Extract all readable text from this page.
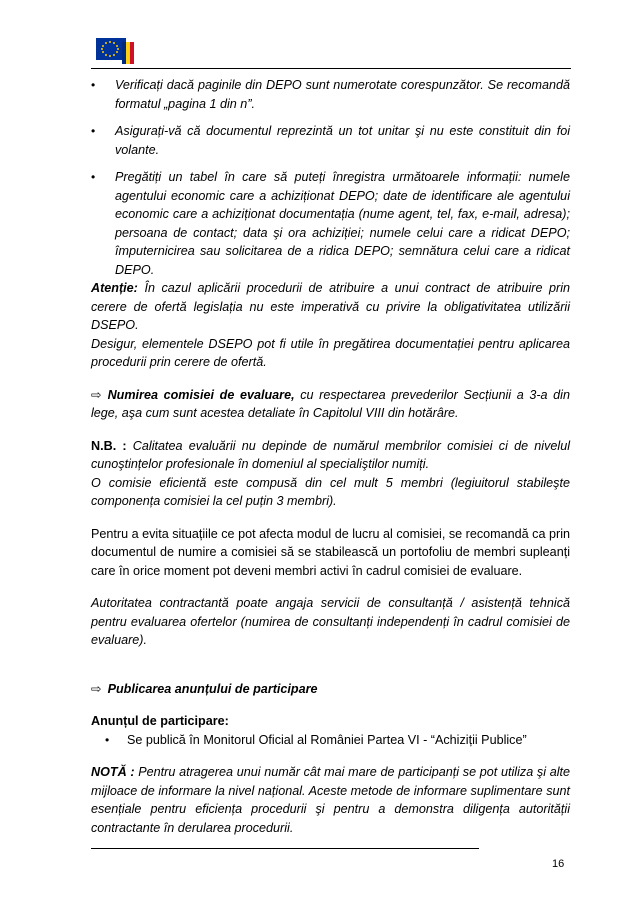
•	Verificați dacă paginile din DEPO sunt numerotate corespunzător. Se recomandă formatul „pagina 1 din n”.
•	Asigurați-vă că documentul reprezintă un tot unitar şi nu este constituit din foi volante.
•	Pregătiți un tabel în care să puteți înregistra următoarele informații: numele agentului economic care a achiziționat DEPO; date de identificare ale agentului economic care a achiziționat documentația (nume agent, tel, fax, e-mail, adresa); persoana de contact; data şi ora achiziției; numele celui care a ridicat DEPO; împuternicirea sau solicitarea de a ridica DEPO; semnătura celui care a ridicat DEPO.

Atenție: În cazul aplicării procedurii de atribuire a unui contract de atribuire prin cerere de ofertă legislația nu este imperativă cu privire la obligativitatea utilizării DSEPO.

Desigur, elementele DSEPO pot fi utile în pregătirea documentației pentru aplicarea procedurii prin cerere de ofertă.

⇨ Numirea comisiei de evaluare, cu respectarea prevederilor Secțiunii a 3-a din lege, aşa cum sunt acestea detaliate în Capitolul VIII din hotărâre.

N.B. : Calitatea evaluării nu depinde de numărul membrilor comisiei ci de nivelul cunoştințelor profesionale în domeniul al specialiştilor numiți.

O comisie eficientă este compusă din cel mult 5 membri (legiuitorul stabileşte componența comisiei la cel puțin 3 membri).

Pentru a evita situațiile ce pot afecta modul de lucru al comisiei, se recomandă ca prin documentul de numire a comisiei să se stabilească un portofoliu de membri supleanți care în orice moment pot deveni membri activi în cadrul comisiei de evaluare.

Autoritatea contractantă poate angaja servicii de consultanță / asistență tehnică pentru evaluarea ofertelor (numirea de consultanți independenți în cadrul comisiei de evaluare).

⇨ Publicarea anunțului de participare

Anunțul de participare:

•	Se publică în Monitorul Oficial al României Partea VI - “Achiziții Publice”

NOTĂ : Pentru atragerea unui număr cât mai mare de participanți se pot utiliza şi alte mijloace de informare la nivel național. Aceste metode de informare suplimentare sunt esențiale pentru eficiența procedurii şi pentru a demonstra diligența autorității contractante în derularea procedurii.

16
